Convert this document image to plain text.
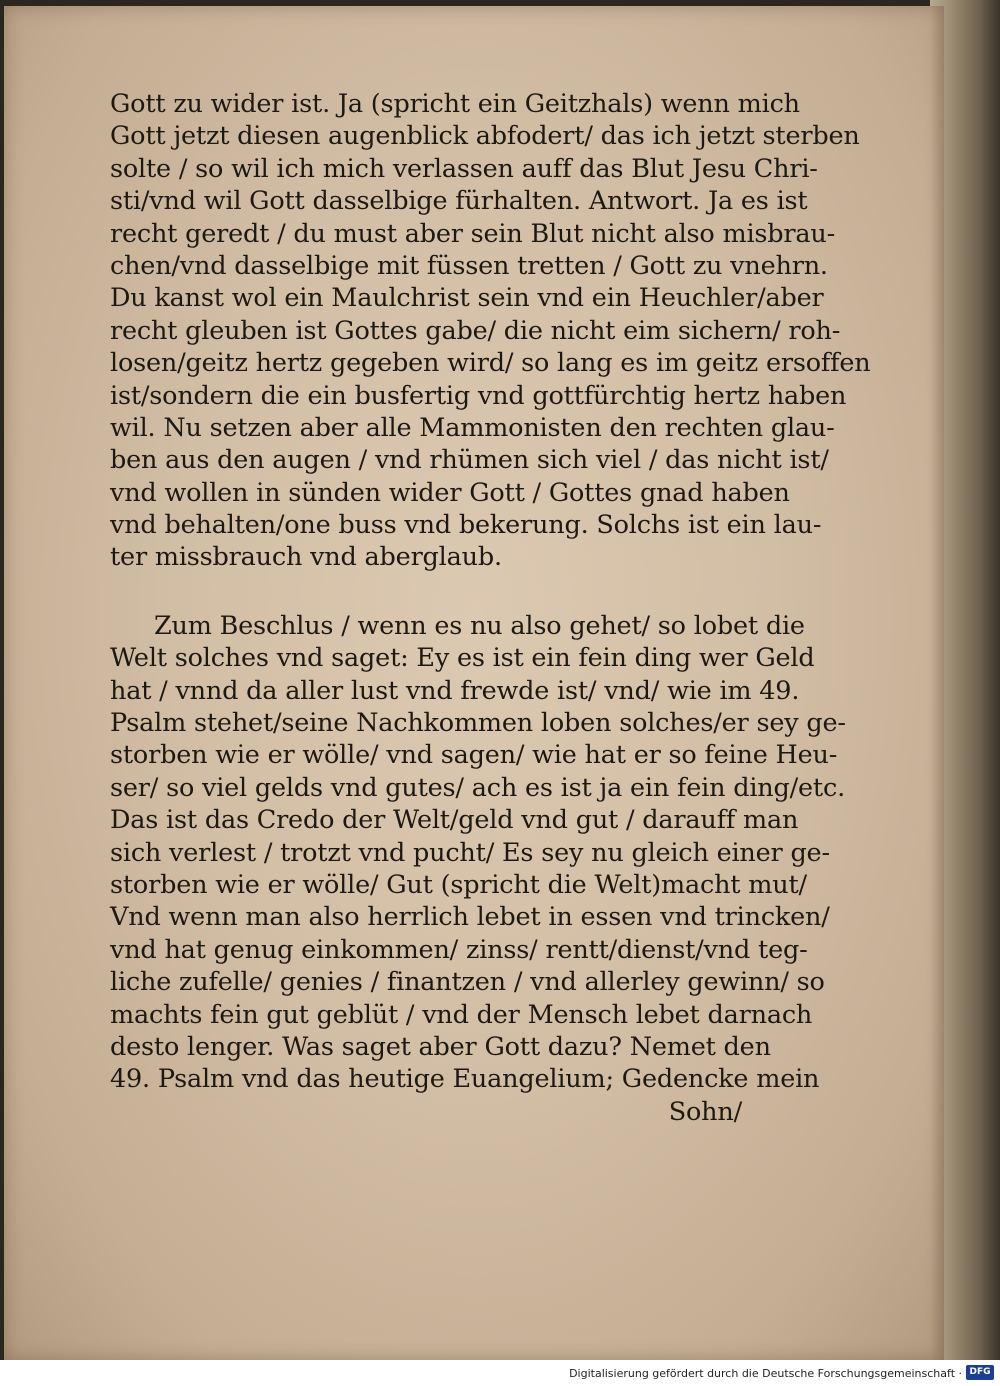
Gott zu wider ist. Ja (spricht ein Geitzhals) wenn mich
Gott jetzt diesen augenblick abfodert/ das ich jetzt sterben
solte / so wil ich mich verlassen auff das Blut Jesu Chri-
sti/vnd wil Gott dasselbige fürhalten. Antwort. Ja es ist
recht geredt / du must aber sein Blut nicht also misbrau-
chen/vnd dasselbige mit füssen tretten / Gott zu vnehrn.
Du kanst wol ein Maulchrist sein vnd ein Heuchler/aber
recht gleuben ist Gottes gabe/ die nicht eim sichern/ roh-
losen/geitz hertz gegeben wird/ so lang es im geitz ersoffen
ist/sondern die ein busfertig vnd gottfürchtig hertz haben
wil. Nu setzen aber alle Mammonisten den rechten glau-
ben aus den augen / vnd rhümen sich viel / das nicht ist/
vnd wollen in sünden wider Gott / Gottes gnad haben
vnd behalten/one buss vnd bekerung. Solchs ist ein lau-
ter missbrauch vnd aberglaub.
Zum Beschlus / wenn es nu also gehet/ so lobet die
Welt solches vnd saget: Ey es ist ein fein ding wer Geld
hat / vnnd da aller lust vnd frewde ist/ vnd/ wie im 49.
Psalm stehet/seine Nachkommen loben solches/er sey ge-
storben wie er wölle/ vnd sagen/ wie hat er so feine Heu-
ser/ so viel gelds vnd gutes/ ach es ist ja ein fein ding/etc.
Das ist das Credo der Welt/geld vnd gut / darauff man
sich verlest / trotzt vnd pucht/ Es sey nu gleich einer ge-
storben wie er wölle/ Gut (spricht die Welt)macht mut/
Vnd wenn man also herrlich lebet in essen vnd trincken/
vnd hat genug einkommen/ zinss/ rentt/dienst/vnd teg-
liche zufelle/ genies / finantzen / vnd allerley gewinn/ so
machts fein gut geblüt / vnd der Mensch lebet darnach
desto lenger. Was saget aber Gott dazu? Nemet den
49. Psalm vnd das heutige Euangelium; Gedencke mein
Sohn/
Digitalisierung gefördert durch die Deutsche Forschungsgemeinschaft · DFG
